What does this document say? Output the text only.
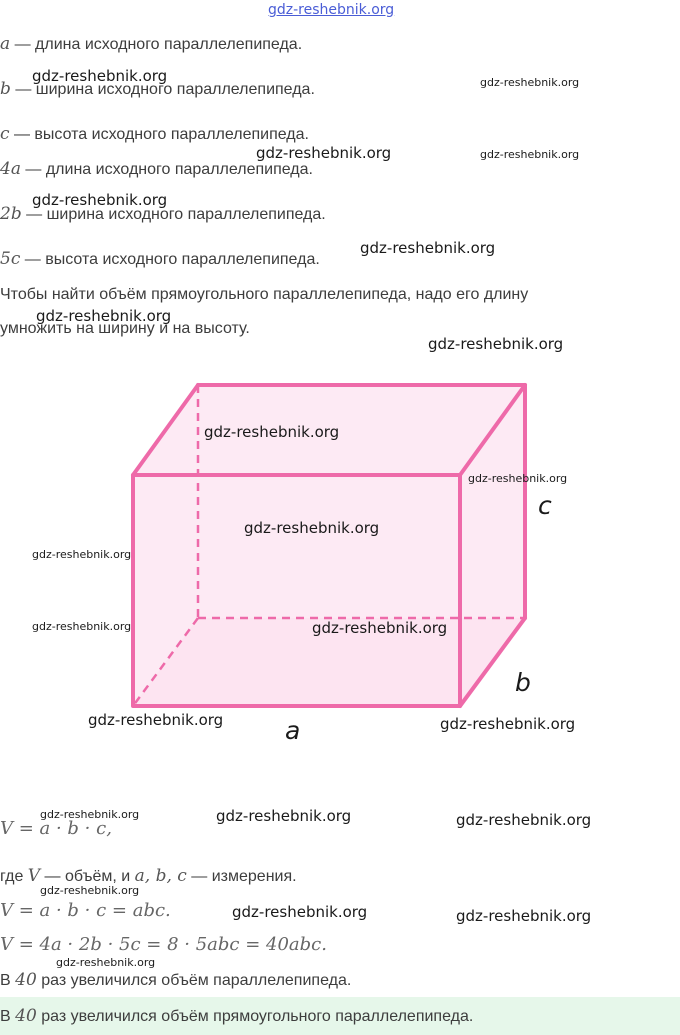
gdz-reshebnik.org
a — длина исходного параллелепипеда.
b — ширина исходного параллелепипеда.
c — высота исходного параллелепипеда.
4a — длина исходного параллелепипеда.
2b — ширина исходного параллелепипеда.
5c — высота исходного параллелепипеда.
Чтобы найти объём прямоугольного параллелепипеда, надо его длину
умножить на ширину и на высоту.
a
b
c
V = a · b · c,
где V — объём, и a, b, c — измерения.
V = a · b · c = abc.
V = 4a · 2b · 5c = 8 · 5abc = 40abc.
В 40 раз увеличился объём параллелепипеда.
В 40 раз увеличился объём прямоугольного параллелепипеда.
gdz-reshebnik.org	gdz-reshebnik.org
gdz-reshebnik.org	gdz-reshebnik.org
gdz-reshebnik.org
gdz-reshebnik.org
gdz-reshebnik.org
gdz-reshebnik.org
gdz-reshebnik.org
gdz-reshebnik.org
gdz-reshebnik.org
gdz-reshebnik.org
gdz-reshebnik.org	gdz-reshebnik.org
gdz-reshebnik.org	gdz-reshebnik.org
gdz-reshebnik.org	gdz-reshebnik.org	gdz-reshebnik.org
gdz-reshebnik.org
gdz-reshebnik.org	gdz-reshebnik.org
gdz-reshebnik.org
